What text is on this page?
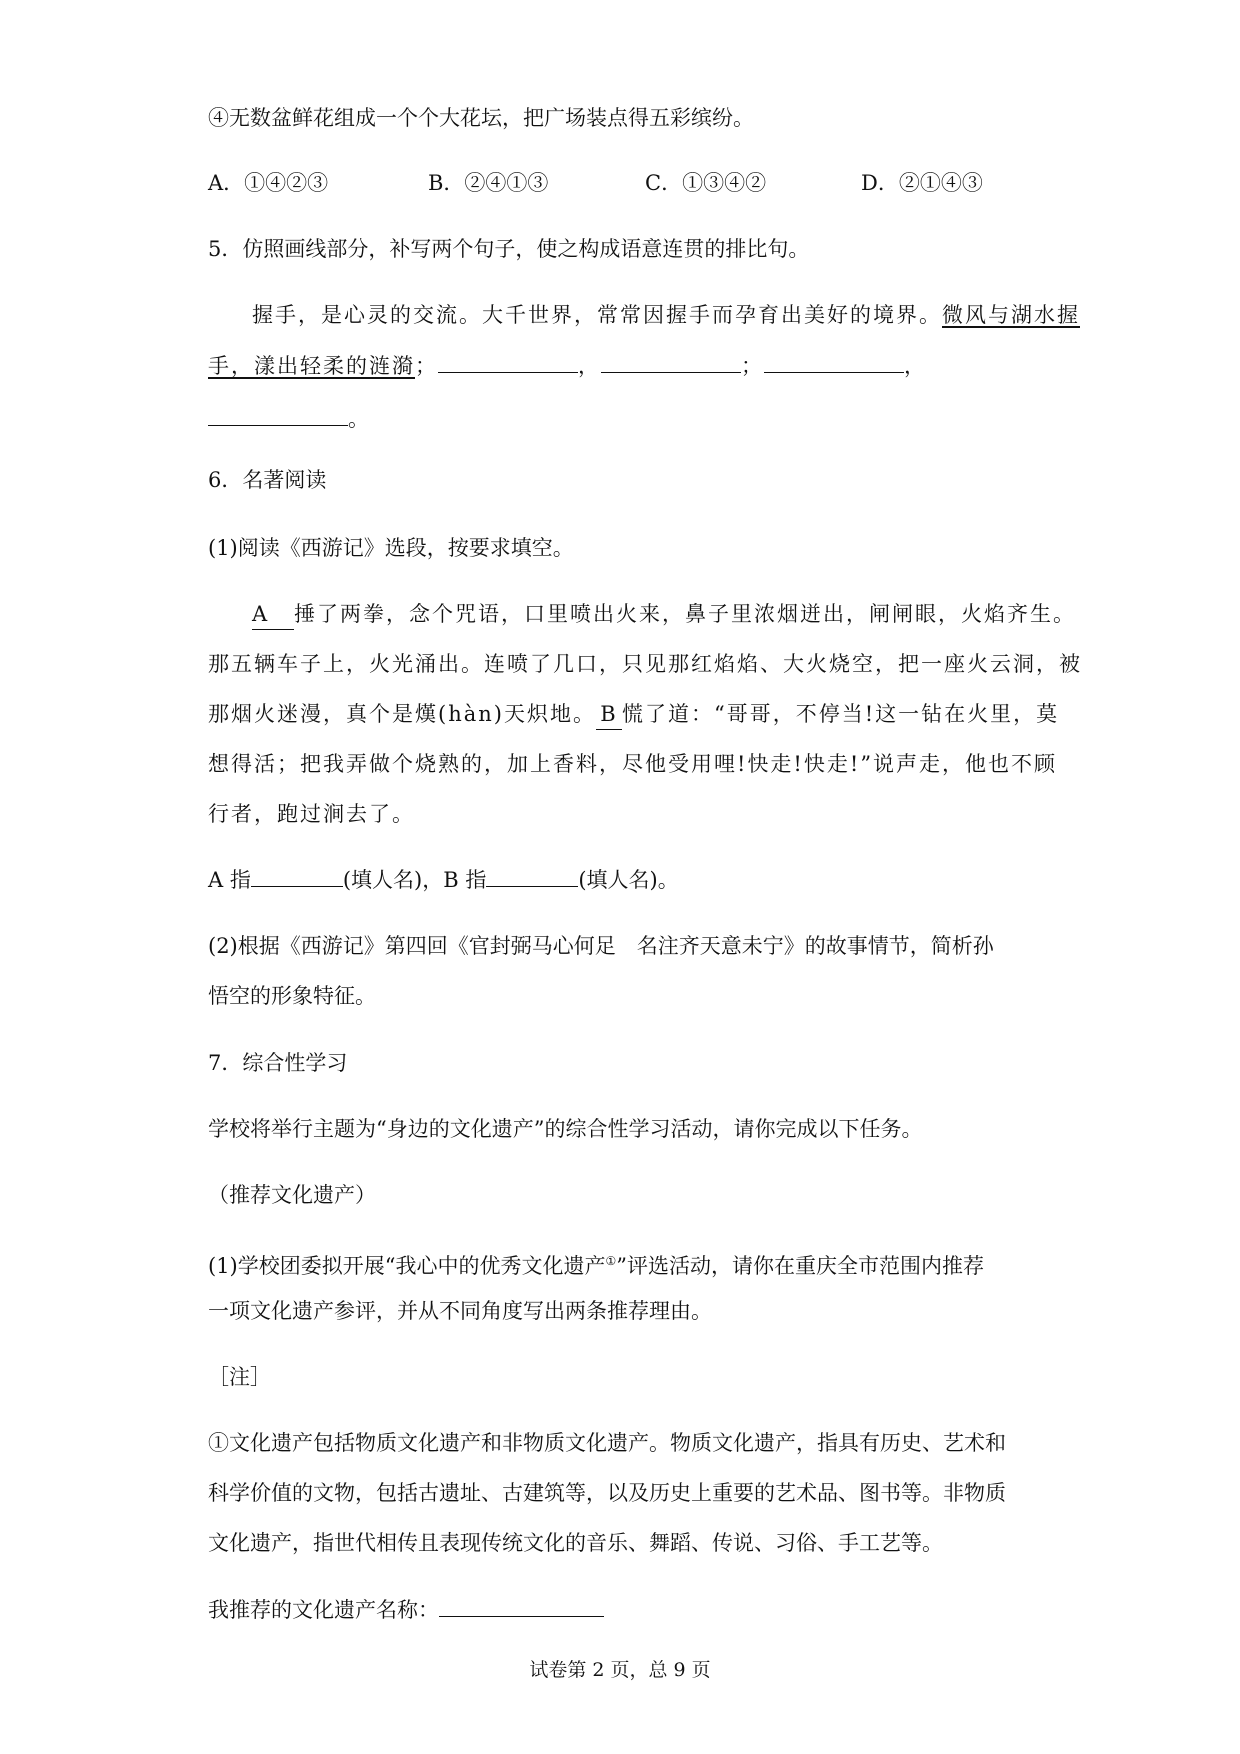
④无数盆鲜花组成一个个大花坛，把广场装点得五彩缤纷。
A．①④②③	B．②④①③	C．①③④②	D．②①④③
5．仿照画线部分，补写两个句子，使之构成语意连贯的排比句。
握手，是心灵的交流。大千世界，常常因握手而孕育出美好的境界。微风与湖水握
手，漾出轻柔的涟漪；	，	；	，
。
6．名著阅读
(1)阅读《西游记》选段，按要求填空。
A 捶了两拳，念个咒语，口里喷出火来，鼻子里浓烟迸出，闸闸眼，火焰齐生。
那五辆车子上，火光涌出。连喷了几口，只见那红焰焰、大火烧空，把一座火云洞，被
那烟火迷漫，真个是熯(hàn)天炽地。 B 慌了道：“哥哥，不停当!这一钻在火里，莫
想得活；把我弄做个烧熟的，加上香料，尽他受用哩!快走!快走!”说声走，他也不顾
行者，跑过涧去了。
A 指	(填人名)，B 指	(填人名)。
(2)根据《西游记》第四回《官封弼马心何足　名注齐天意未宁》的故事情节，简析孙
悟空的形象特征。
7．综合性学习
学校将举行主题为“身边的文化遗产”的综合性学习活动，请你完成以下任务。
（推荐文化遗产）
(1)学校团委拟开展“我心中的优秀文化遗产①”评选活动，请你在重庆全市范围内推荐
一项文化遗产参评，并从不同角度写出两条推荐理由。
［注］
①文化遗产包括物质文化遗产和非物质文化遗产。物质文化遗产，指具有历史、艺术和
科学价值的文物，包括古遗址、古建筑等，以及历史上重要的艺术品、图书等。非物质
文化遗产，指世代相传且表现传统文化的音乐、舞蹈、传说、习俗、手工艺等。
我推荐的文化遗产名称：
试卷第 2 页，总 9 页
